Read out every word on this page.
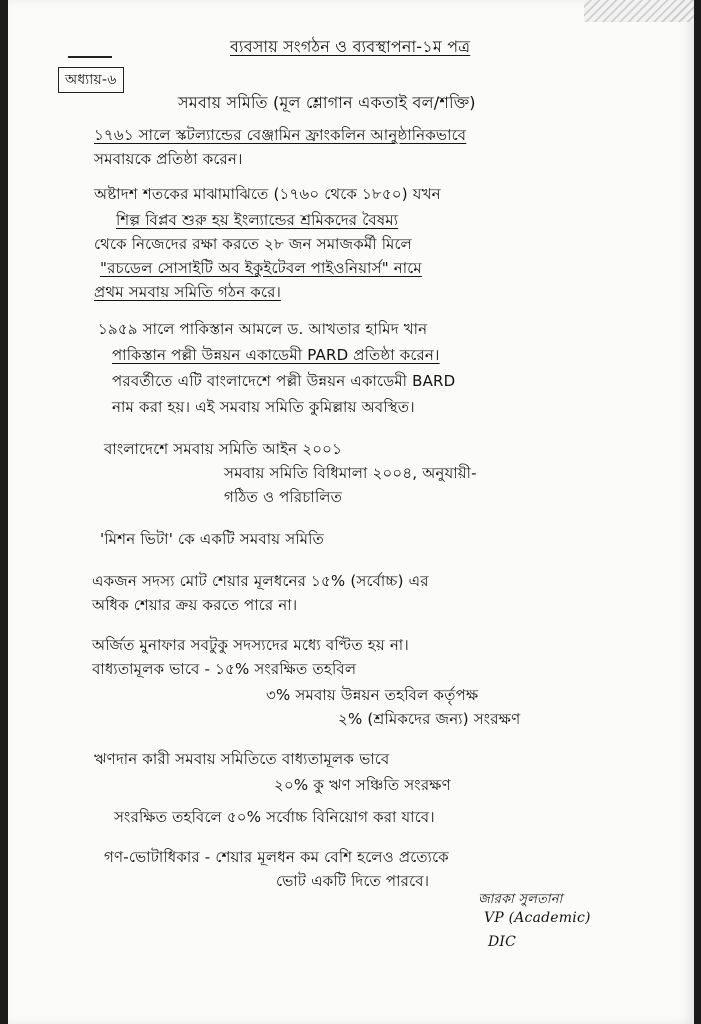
ব্যবসায় সংগঠন ও ব্যবস্থাপনা-১ম পত্র
অধ্যায়-৬
সমবায় সমিতি (মূল শ্লোগান একতাই বল/শক্তি)
১৭৬১ সালে স্কটল্যান্ডের বেঞ্জামিন ফ্রাংকলিন আনুষ্ঠানিকভাবে
সমবায়কে প্রতিষ্ঠা করেন।
অষ্টাদশ শতকের মাঝামাঝিতে (১৭৬০ থেকে ১৮৫০) যখন
শিল্প বিপ্লব শুরু হয় ইংল্যান্ডের শ্রমিকদের বৈষম্য
থেকে নিজেদের রক্ষা করতে ২৮ জন সমাজকর্মী মিলে
"রচডেল সোসাইটি অব ইকুইটেবল পাইওনিয়ার্স" নামে
প্রথম সমবায় সমিতি গঠন করে।
১৯৫৯ সালে পাকিস্তান আমলে ড. আখতার হামিদ খান
পাকিস্তান পল্লী উন্নয়ন একাডেমী PARD প্রতিষ্ঠা করেন।
পরবর্তীতে এটি বাংলাদেশে পল্লী উন্নয়ন একাডেমী BARD
নাম করা হয়। এই সমবায় সমিতি কুমিল্লায় অবস্থিত।
বাংলাদেশে সমবায় সমিতি আইন ২০০১
সমবায় সমিতি বিধিমালা ২০০৪, অনুযায়ী-
গঠিত ও পরিচালিত
'মিশন ভিটা' কে একটি সমবায় সমিতি
একজন সদস্য মোট শেয়ার মূলধনের ১৫% (সর্বোচ্চ) এর
অধিক শেয়ার ক্রয় করতে পারে না।
অর্জিত মুনাফার সবটুকু সদস্যদের মধ্যে বণ্টিত হয় না।
বাধ্যতামূলক ভাবে - ১৫% সংরক্ষিত তহবিল
৩% সমবায় উন্নয়ন তহবিল কর্তৃপক্ষ
২% (শ্রমিকদের জন্য) সংরক্ষণ
ঋণদান কারী সমবায় সমিতিতে বাধ্যতামূলক ভাবে
২০% কু ঋণ সঞ্চিতি সংরক্ষণ
সংরক্ষিত তহবিলে ৫০% সর্বোচ্চ বিনিয়োগ করা যাবে।
গণ-ভোটাধিকার - শেয়ার মূলধন কম বেশি হলেও প্রত্যেকে
ভোট একটি দিতে পারবে।
জারকা সুলতানা
VP (Academic)
DIC
